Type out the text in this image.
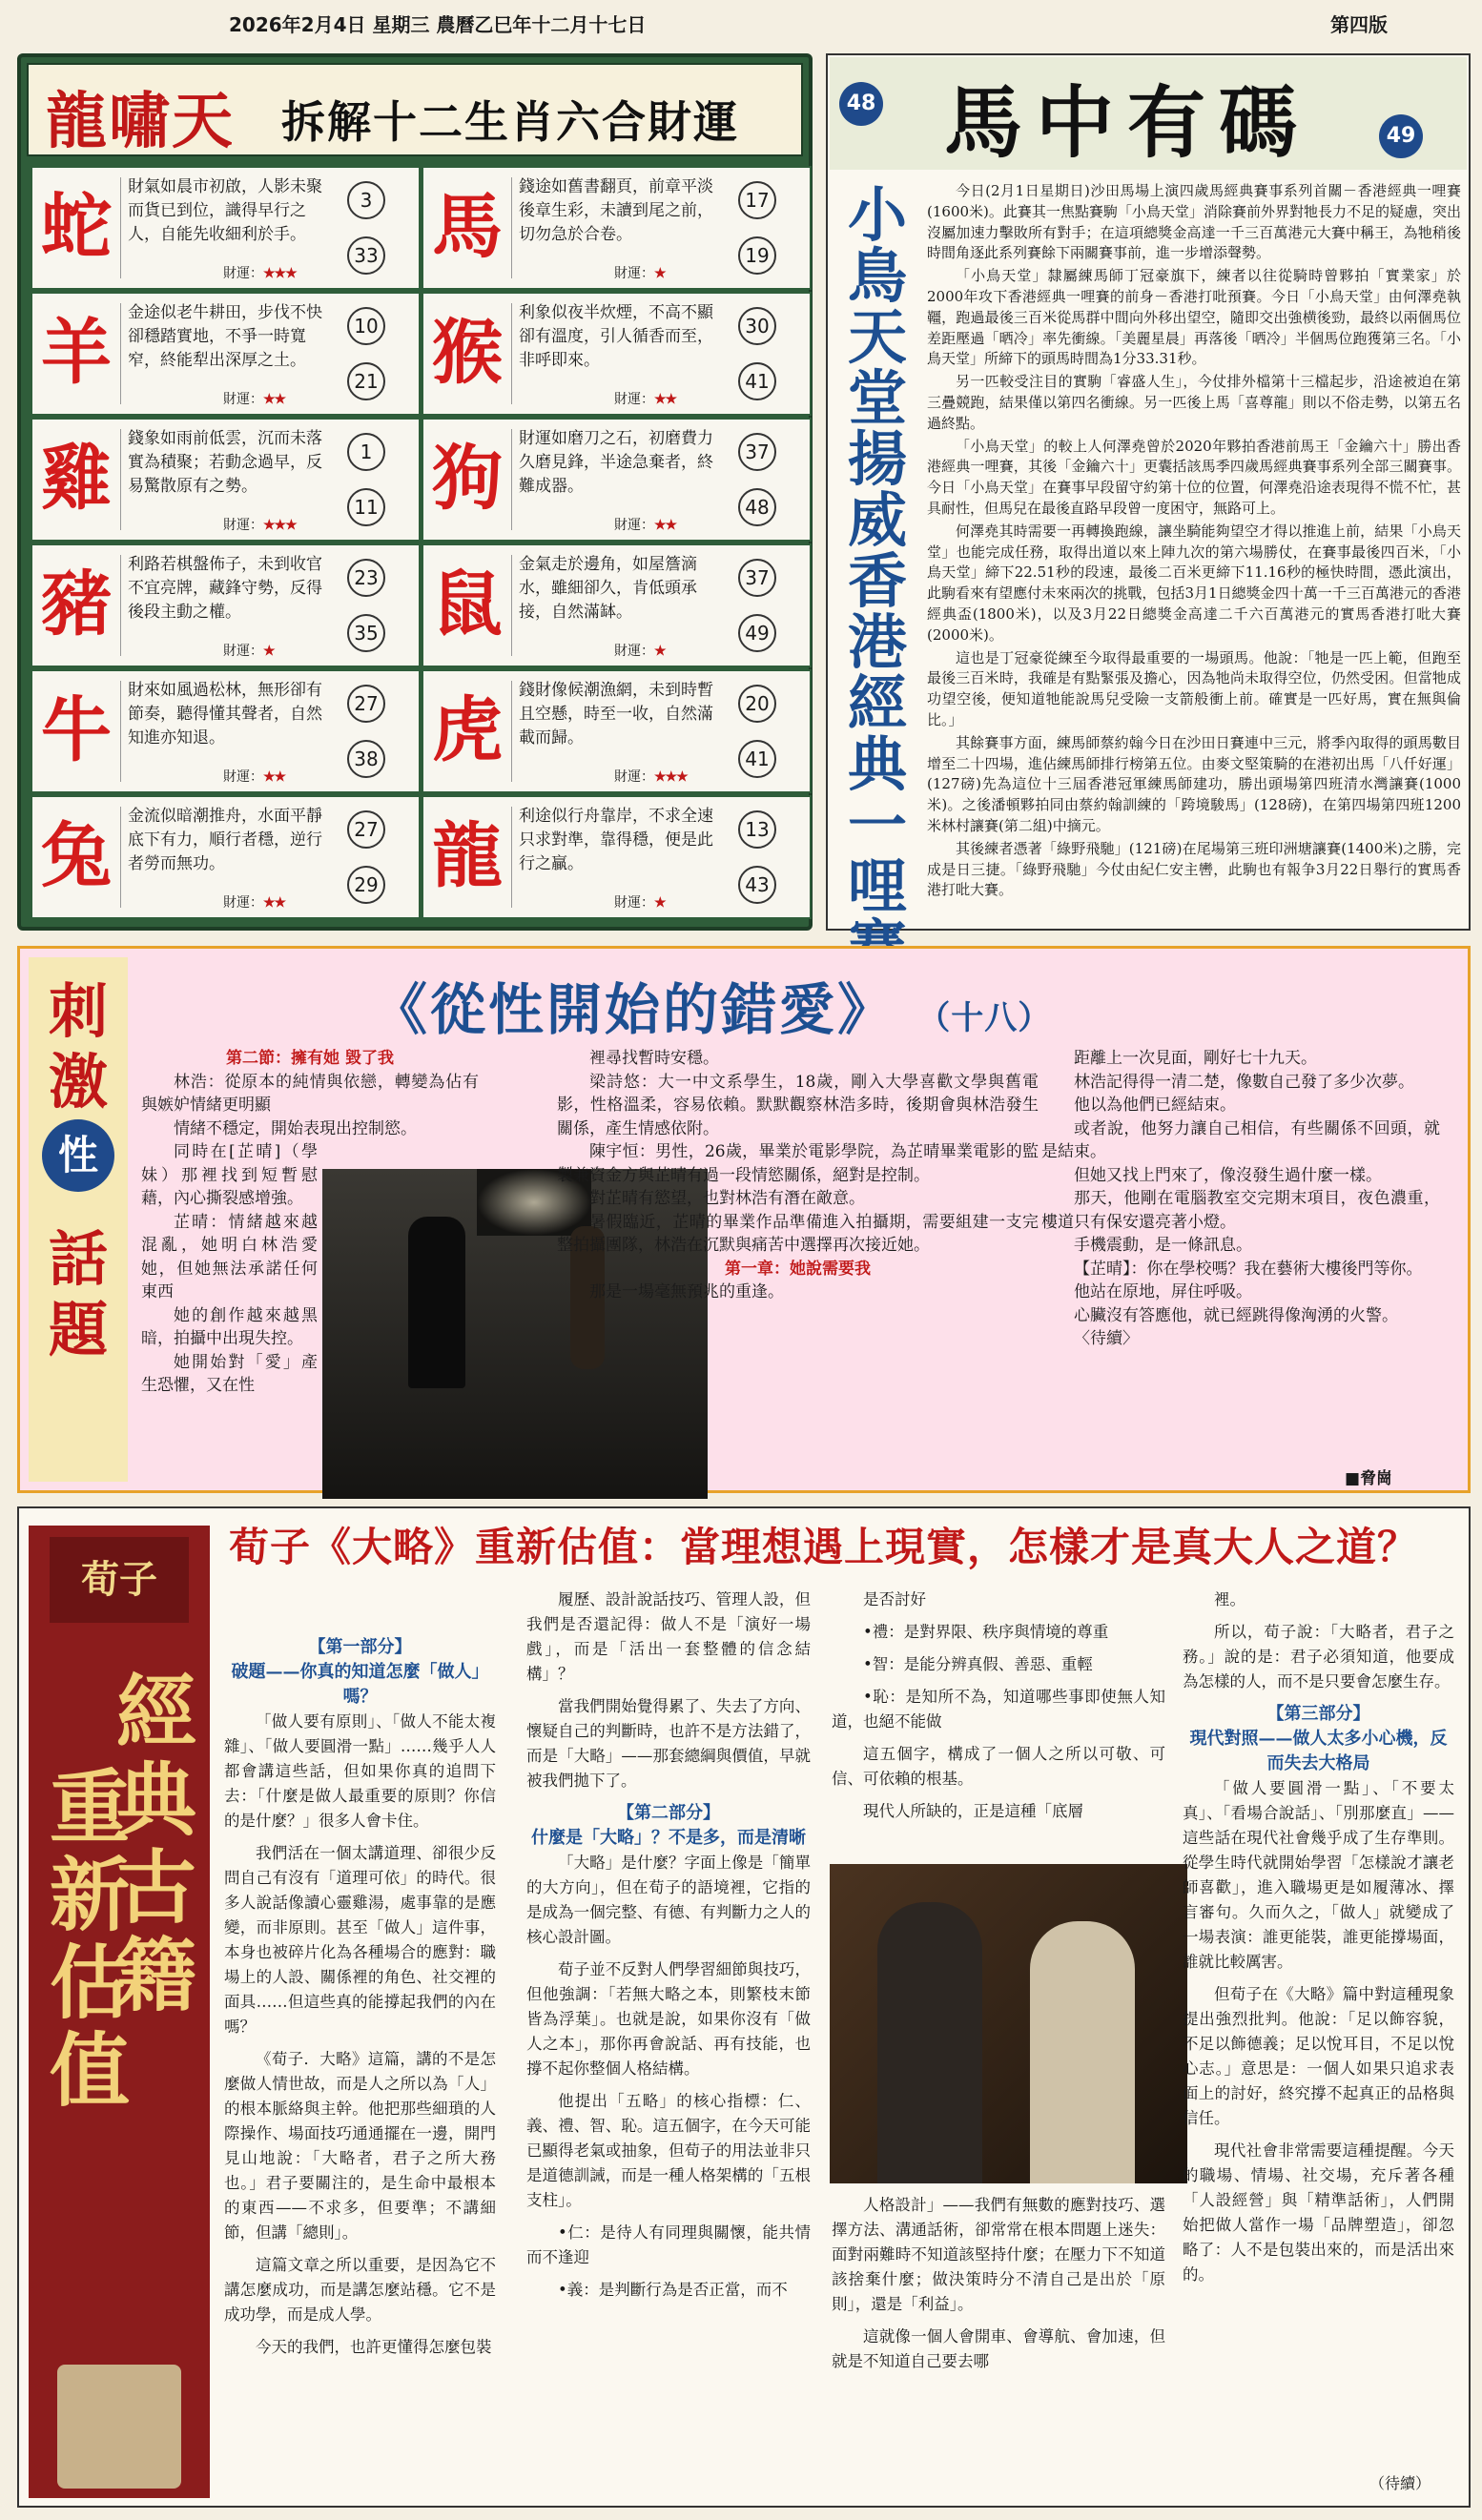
2026年2月4日 星期三 農曆乙巳年十二月十七日	第四版
龍嘯天 拆解十二生肖六合財運
蛇 財氣如晨市初啟，人影未聚而貨已到位，識得早行之人，自能先收細利於手。
財運：★★★
3
33 馬 錢途如舊書翻頁，前章平淡後章生彩，未讀到尾之前，切勿急於合卷。
財運：★
17
19
羊 金途似老牛耕田，步伐不快卻穩踏實地，不爭一時寬窄，終能犁出深厚之土。
財運：★★
10
21 猴 利象似夜半炊煙，不高不顯卻有溫度，引人循香而至，非呼即來。
財運：★★
30
41
雞 錢象如雨前低雲，沉而未落實為積聚；若動念過早，反易驚散原有之勢。
財運：★★★
1
11 狗 財運如磨刀之石，初磨費力久磨見鋒，半途急棄者，終難成器。
財運：★★
37
48
豬 利路若棋盤佈子，未到收官不宜亮牌，藏鋒守勢，反得後段主動之權。
財運：★
23
35 鼠 金氣走於邊角，如屋簷滴水，雖細卻久，肯低頭承接，自然滿缽。
財運：★
37
49
牛 財來如風過松林，無形卻有節奏，聽得懂其聲者，自然知進亦知退。
財運：★★
27
38 虎 錢財像候潮漁網，未到時暫且空懸，時至一收，自然滿載而歸。
財運：★★★
20
41
兔 金流似暗潮推舟，水面平靜底下有力，順行者穩，逆行者勞而無功。
財運：★★
27
29 龍 利途似行舟靠岸，不求全速只求對準，靠得穩，便是此行之贏。
財運：★
13
43
48 馬中有碼	49
小鳥天堂揚威香港經典一哩

今日(2月1日星期日)沙田馬場上演四歲馬經典賽事系列首關－香港經典一哩賽(1600米)。此賽其一焦點賽駒「小鳥天堂」消除賽前外界對牠長力不足的疑慮，突出沒屬加速力擊敗所有對手；在這項總獎金高達一千三百萬港元大賽中稱王，為牠稍後時間角逐此系列賽餘下兩關賽事前，進一步增添聲勢。

「小鳥天堂」隸屬練馬師丁冠豪旗下，練者以往從騎時曾夥拍「實業家」於2000年攻下香港經典一哩賽的前身－香港打吡預賽。今日「小鳥天堂」由何澤堯執韁，跑過最後三百米從馬群中間向外移出望空，隨即交出強横後勁，最終以兩個馬位差距壓過「晒冷」率先衝線。「美麗星晨」再落後「晒冷」半個馬位跑獲第三名。「小鳥天堂」所締下的頭馬時間為1分33.31秒。

另一匹較受注目的實駒「睿盛人生」，今仗排外檔第十三檔起步，沿途被迫在第三疊競跑，結果僅以第四名衝線。另一匹後上馬「喜尊龍」則以不俗走勢，以第五名過終點。

「小鳥天堂」的較上人何澤堯曾於2020年夥拍香港前馬王「金鑰六十」勝出香港經典一哩賽，其後「金鑰六十」更囊括該馬季四歲馬經典賽事系列全部三關賽事。今日「小鳥天堂」在賽事早段留守約第十位的位置，何澤堯沿途表現得不慌不忙，甚具耐性，但馬兒在最後直路早段曾一度困守，無路可上。

何澤堯其時需要一再轉換跑線，讓坐騎能夠望空才得以推進上前，結果「小鳥天堂」也能完成任務，取得出道以來上陣九次的第六場勝仗，在賽事最後四百米，「小鳥天堂」締下22.51秒的段速，最後二百米更締下11.16秒的極快時間，憑此演出，此駒看來有望應付未來兩次的挑戰，包括3月1日總獎金四十萬一千三百萬港元的香港經典盃(1800米)，以及3月22日總獎金高達二千六百萬港元的實馬香港打吡大賽(2000米)。

這也是丁冠豪從練至今取得最重要的一場頭馬。他說：「牠是一匹上範，但跑至最後三百米時，我確是有點緊張及擔心，因為牠尚未取得空位，仍然受困。但當牠成功望空後，便知道牠能說馬兒受險一支箭般衝上前。確實是一匹好馬，實在無與倫比。」

其餘賽事方面，練馬師蔡約翰今日在沙田日賽連中三元，將季內取得的頭馬數目增至二十四場，進佔練馬師排行榜第五位。由麥文堅策騎的在港初出馬「八仟好運」(127磅)先為這位十三屆香港冠軍練馬師建功，勝出頭場第四班清水灣讓賽(1000米)。之後潘頓夥拍同由蔡約翰訓練的「跨境駿馬」(128磅)，在第四場第四班1200米林村讓賽(第二組)中摘元。

其後練者憑著「綠野飛馳」(121磅)在尾場第三班印洲塘讓賽(1400米)之勝，完成是日三捷。「綠野飛馳」今仗由紀仁安主轡，此駒也有報争3月22日舉行的實馬香港打吡大賽。

刺激
性
話題
《從性開始的錯愛》 （十八）

第二節：擁有她 毀了我

林浩：從原本的純情與依戀，轉變為佔有與嫉妒情緒更明顯

情緒不穩定，開始表現出控制慾。

同時在[芷晴]（學妹）那裡找到短暫慰藉，內心撕裂感增強。

芷晴：情緒越來越混亂，她明白林浩愛她，但她無法承諾任何東西

她的創作越來越黑暗，拍攝中出現失控。

她開始對「愛」產生恐懼，又在性

裡尋找暫時安穩。

梁詩悠：大一中文系學生，18歲，剛入大學喜歡文學與舊電影，性格溫柔，容易依賴。默默觀察林浩多時，後期會與林浩發生關係，產生情感依附。

陳宇恒：男性，26歲，畢業於電影學院，為芷晴畢業電影的監製兼資金方與芷晴有過一段情慾關係，絕對是控制。

對芷晴有慾望，也對林浩有潛在敵意。

暑假臨近，芷晴的畢業作品準備進入拍攝期，需要組建一支完整拍攝團隊，林浩在沉默與痛苦中選擇再次接近她。

第一章：她說需要我

那是一場毫無預兆的重逢。

距離上一次見面，剛好七十九天。

林浩記得得一清二楚，像數自己發了多少次夢。

他以為他們已經結束。

或者說，他努力讓自己相信，有些關係不回頭，就是結束。

但她又找上門來了，像沒發生過什麼一樣。

那天，他剛在電腦教室交完期末項目，夜色濃重，樓道只有保安還亮著小燈。

手機震動，是一條訊息。

【芷晴】：你在學校嗎？我在藝術大樓後門等你。

他站在原地，屏住呼吸。

心臟沒有答應他，就已經跳得像洶湧的火警。

〈待續〉

■脅崗
荀子
經典古籍
重新估值
荀子《大略》重新估值：當理想遇上現實，怎樣才是真大人之道？

【第一部分】

破題——你真的知道怎麼「做人」嗎？

「做人要有原則」、「做人不能太複雜」、「做人要圓滑一點」……幾乎人人都會講這些話，但如果你真的追問下去：「什麼是做人最重要的原則？你信的是什麼？」很多人會卡住。

我們活在一個太講道理、卻很少反問自己有沒有「道理可依」的時代。很多人說話像讀心靈雞湯，處事靠的是應變，而非原則。甚至「做人」這件事，本身也被碎片化為各種場合的應對：職場上的人設、關係裡的角色、社交裡的面具……但這些真的能撐起我們的內在嗎？

《荀子．大略》這篇，講的不是怎麼做人情世故，而是人之所以為「人」的根本脈絡與主幹。他把那些細瑣的人際操作、場面技巧通通擺在一邊，開門見山地說：「大略者，君子之所大務也。」君子要關注的，是生命中最根本的東西——不求多，但要準；不講細節，但講「總則」。

這篇文章之所以重要，是因為它不講怎麼成功，而是講怎麼站穩。它不是成功學，而是成人學。

今天的我們，也許更懂得怎麼包裝

履歷、設計說話技巧、管理人設，但我們是否還記得：做人不是「演好一場戲」，而是「活出一套整體的信念結構」？

當我們開始覺得累了、失去了方向、懷疑自己的判斷時，也許不是方法錯了，而是「大略」——那套總綱與價值，早就被我們拋下了。

【第二部分】

什麼是「大略」？不是多，而是清晰

「大略」是什麼？字面上像是「簡單的大方向」，但在荀子的語境裡，它指的是成為一個完整、有德、有判斷力之人的核心設計圖。

荀子並不反對人們學習細節與技巧，但他強調：「若無大略之本，則繁枝末節皆為浮葉」。也就是說，如果你沒有「做人之本」，那你再會說話、再有技能，也撐不起你整個人格結構。

他提出「五略」的核心指標：仁、義、禮、智、恥。這五個字，在今天可能已顯得老氣或抽象，但荀子的用法並非只是道德訓誡，而是一種人格架構的「五根支柱」。

•仁：是待人有同理與關懷，能共情而不逢迎

•義：是判斷行為是否正當，而不

是否討好

•禮：是對界限、秩序與情境的尊重

•智：是能分辨真假、善惡、重輕

•恥：是知所不為，知道哪些事即使無人知道，也絕不能做

這五個字，構成了一個人之所以可敬、可信、可依賴的根基。

現代人所缺的，正是這種「底層

人格設計」——我們有無數的應對技巧、選擇方法、溝通話術，卻常常在根本問題上迷失：面對兩難時不知道該堅持什麼；在壓力下不知道該捨棄什麼；做決策時分不清自己是出於「原則」，還是「利益」。

這就像一個人會開車、會導航、會加速，但就是不知道自己要去哪

裡。

所以，荀子說：「大略者，君子之務。」說的是：君子必須知道，他要成為怎樣的人，而不是只要會怎麼生存。

【第三部分】

現代對照——做人太多小心機，反而失去大格局

「做人要圓滑一點」、「不要太真」、「看場合說話」、「別那麼直」——這些話在現代社會幾乎成了生存準則。從學生時代就開始學習「怎樣說才讓老師喜歡」，進入職場更是如履薄冰、擇言審句。久而久之，「做人」就變成了一場表演：誰更能裝，誰更能撐場面，誰就比較厲害。

但荀子在《大略》篇中對這種現象提出強烈批判。他說：「足以飾容貌，不足以飾德義；足以悅耳目，不足以悅心志。」意思是：一個人如果只追求表面上的討好，終究撐不起真正的品格與信任。

現代社會非常需要這種提醒。今天的職場、情場、社交場，充斥著各種「人設經營」與「精準話術」，人們開始把做人當作一場「品牌塑造」，卻忽略了：人不是包裝出來的，而是活出來的。

（待續）
